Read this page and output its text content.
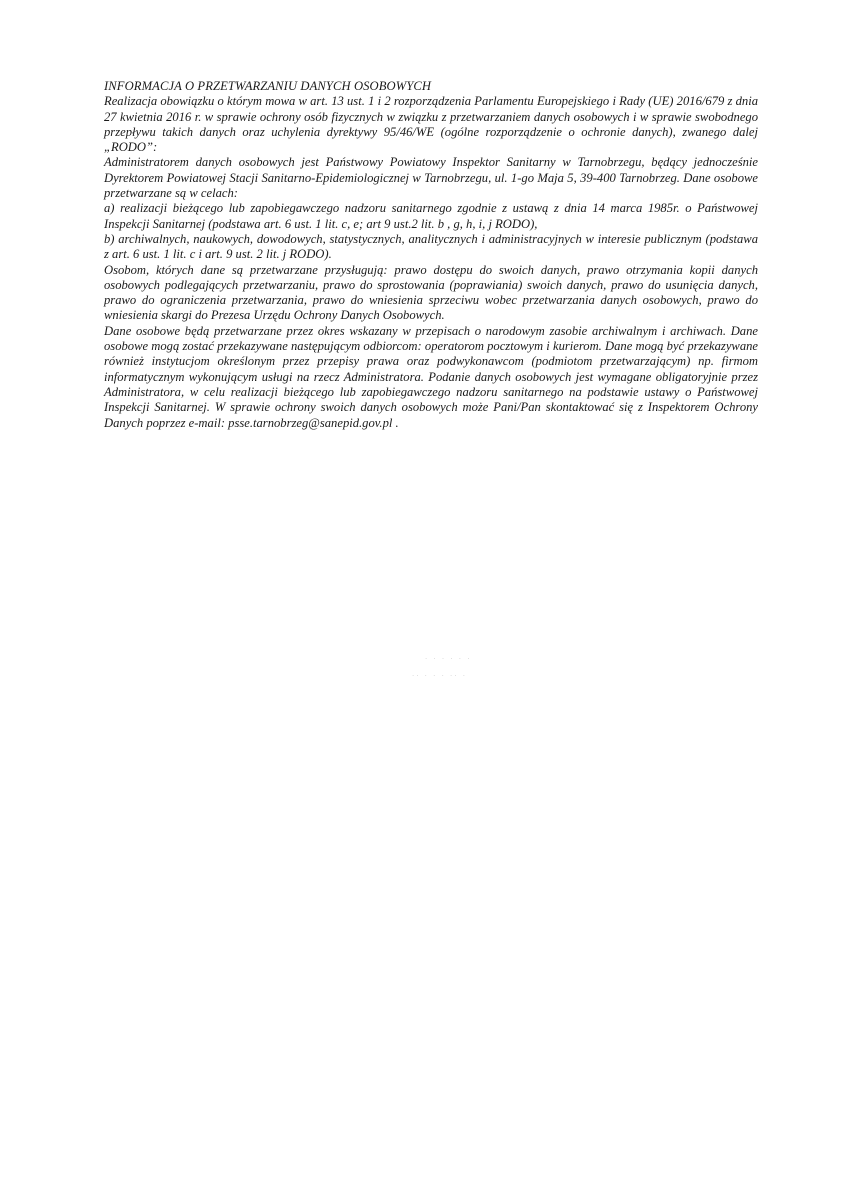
INFORMACJA O PRZETWARZANIU DANYCH OSOBOWYCH

Realizacja obowiązku o którym mowa w art. 13 ust. 1 i 2 rozporządzenia Parlamentu Europejskiego i Rady (UE) 2016/679 z dnia 27 kwietnia 2016 r. w sprawie ochrony osób fizycznych w związku z przetwarzaniem danych osobowych i w sprawie swobodnego przepływu takich danych oraz uchylenia dyrektywy 95/46/WE (ogólne rozporządzenie o ochronie danych), zwanego dalej „RODO”:

Administratorem danych osobowych jest Państwowy Powiatowy Inspektor Sanitarny w Tarnobrzegu, będący jednocześnie Dyrektorem Powiatowej Stacji Sanitarno-Epidemiologicznej w Tarnobrzegu, ul. 1-go Maja 5, 39-400 Tarnobrzeg. Dane osobowe przetwarzane są w celach:

a) realizacji bieżącego lub zapobiegawczego nadzoru sanitarnego zgodnie z ustawą z dnia 14 marca 1985r. o Państwowej Inspekcji Sanitarnej (podstawa art. 6 ust. 1 lit. c, e; art 9 ust.2 lit. b , g, h, i, j RODO),

b) archiwalnych, naukowych, dowodowych, statystycznych, analitycznych i administracyjnych w interesie publicznym (podstawa z art. 6 ust. 1 lit. c i art. 9 ust. 2 lit. j RODO).

Osobom, których dane są przetwarzane przysługują: prawo dostępu do swoich danych, prawo otrzymania kopii danych osobowych podlegających przetwarzaniu, prawo do sprostowania (poprawiania) swoich danych, prawo do usunięcia danych, prawo do ograniczenia przetwarzania, prawo do wniesienia sprzeciwu wobec przetwarzania danych osobowych, prawo do wniesienia skargi do Prezesa Urzędu Ochrony Danych Osobowych.

Dane osobowe będą przetwarzane przez okres wskazany w przepisach o narodowym zasobie archiwalnym i archiwach. Dane osobowe mogą zostać przekazywane następującym odbiorcom: operatorom pocztowym i kurierom. Dane mogą być przekazywane również instytucjom określonym przez przepisy prawa oraz podwykonawcom (podmiotom przetwarzającym) np. firmom informatycznym wykonującym usługi na rzecz Administratora. Podanie danych osobowych jest wymagane obligatoryjnie przez Administratora, w celu realizacji bieżącego lub zapobiegawczego nadzoru sanitarnego na podstawie ustawy o Państwowej Inspekcji Sanitarnej. W sprawie ochrony swoich danych osobowych może Pani/Pan skontaktować się z Inspektorem Ochrony Danych poprzez e-mail: psse.tarnobrzeg@sanepid.gov.pl .

· · · · · ·
·· · · · ·· ·
